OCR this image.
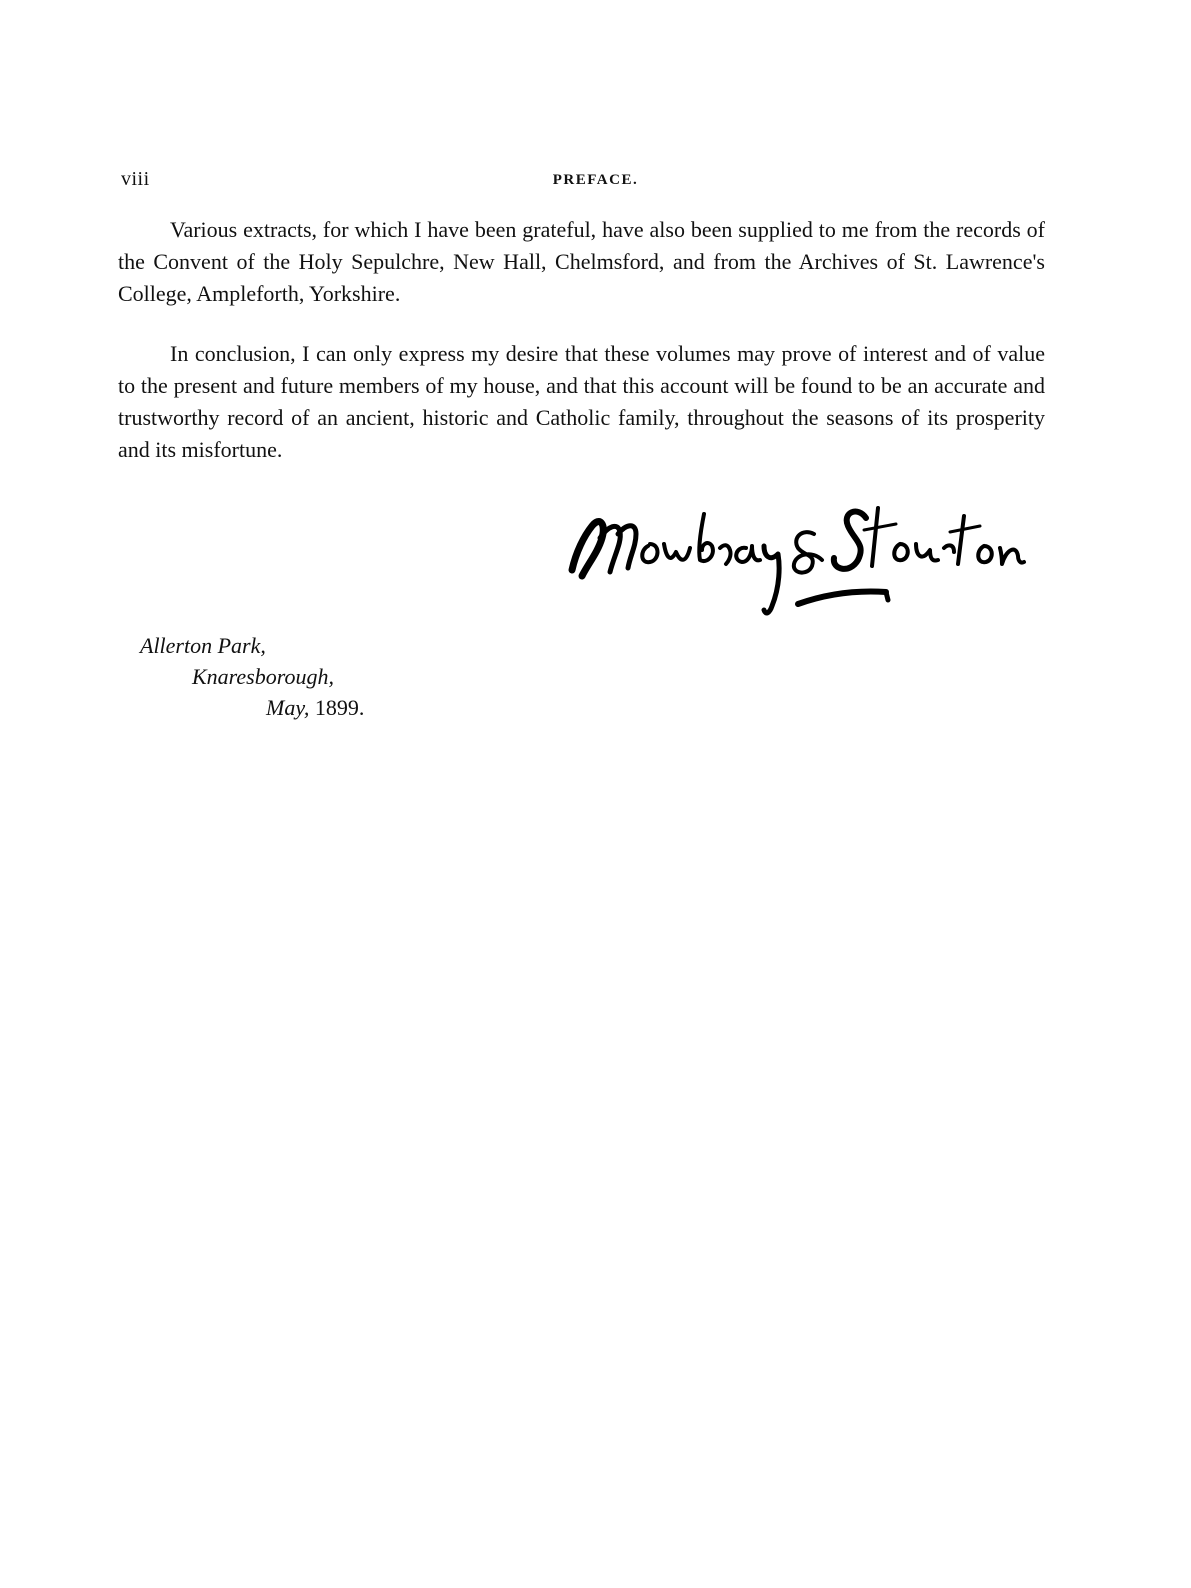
viii	PREFACE.

Various extracts, for which I have been grateful, have also been supplied to me from the records of the Convent of the Holy Sepulchre, New Hall, Chelmsford, and from the Archives of St. Lawrence's College, Ampleforth, Yorkshire.

In conclusion, I can only express my desire that these volumes may prove of interest and of value to the present and future members of my house, and that this account will be found to be an accurate and trustworthy record of an ancient, historic and Catholic family, throughout the seasons of its prosperity and its misfortune.

Allerton Park,
Knaresborough,
May, 1899.
